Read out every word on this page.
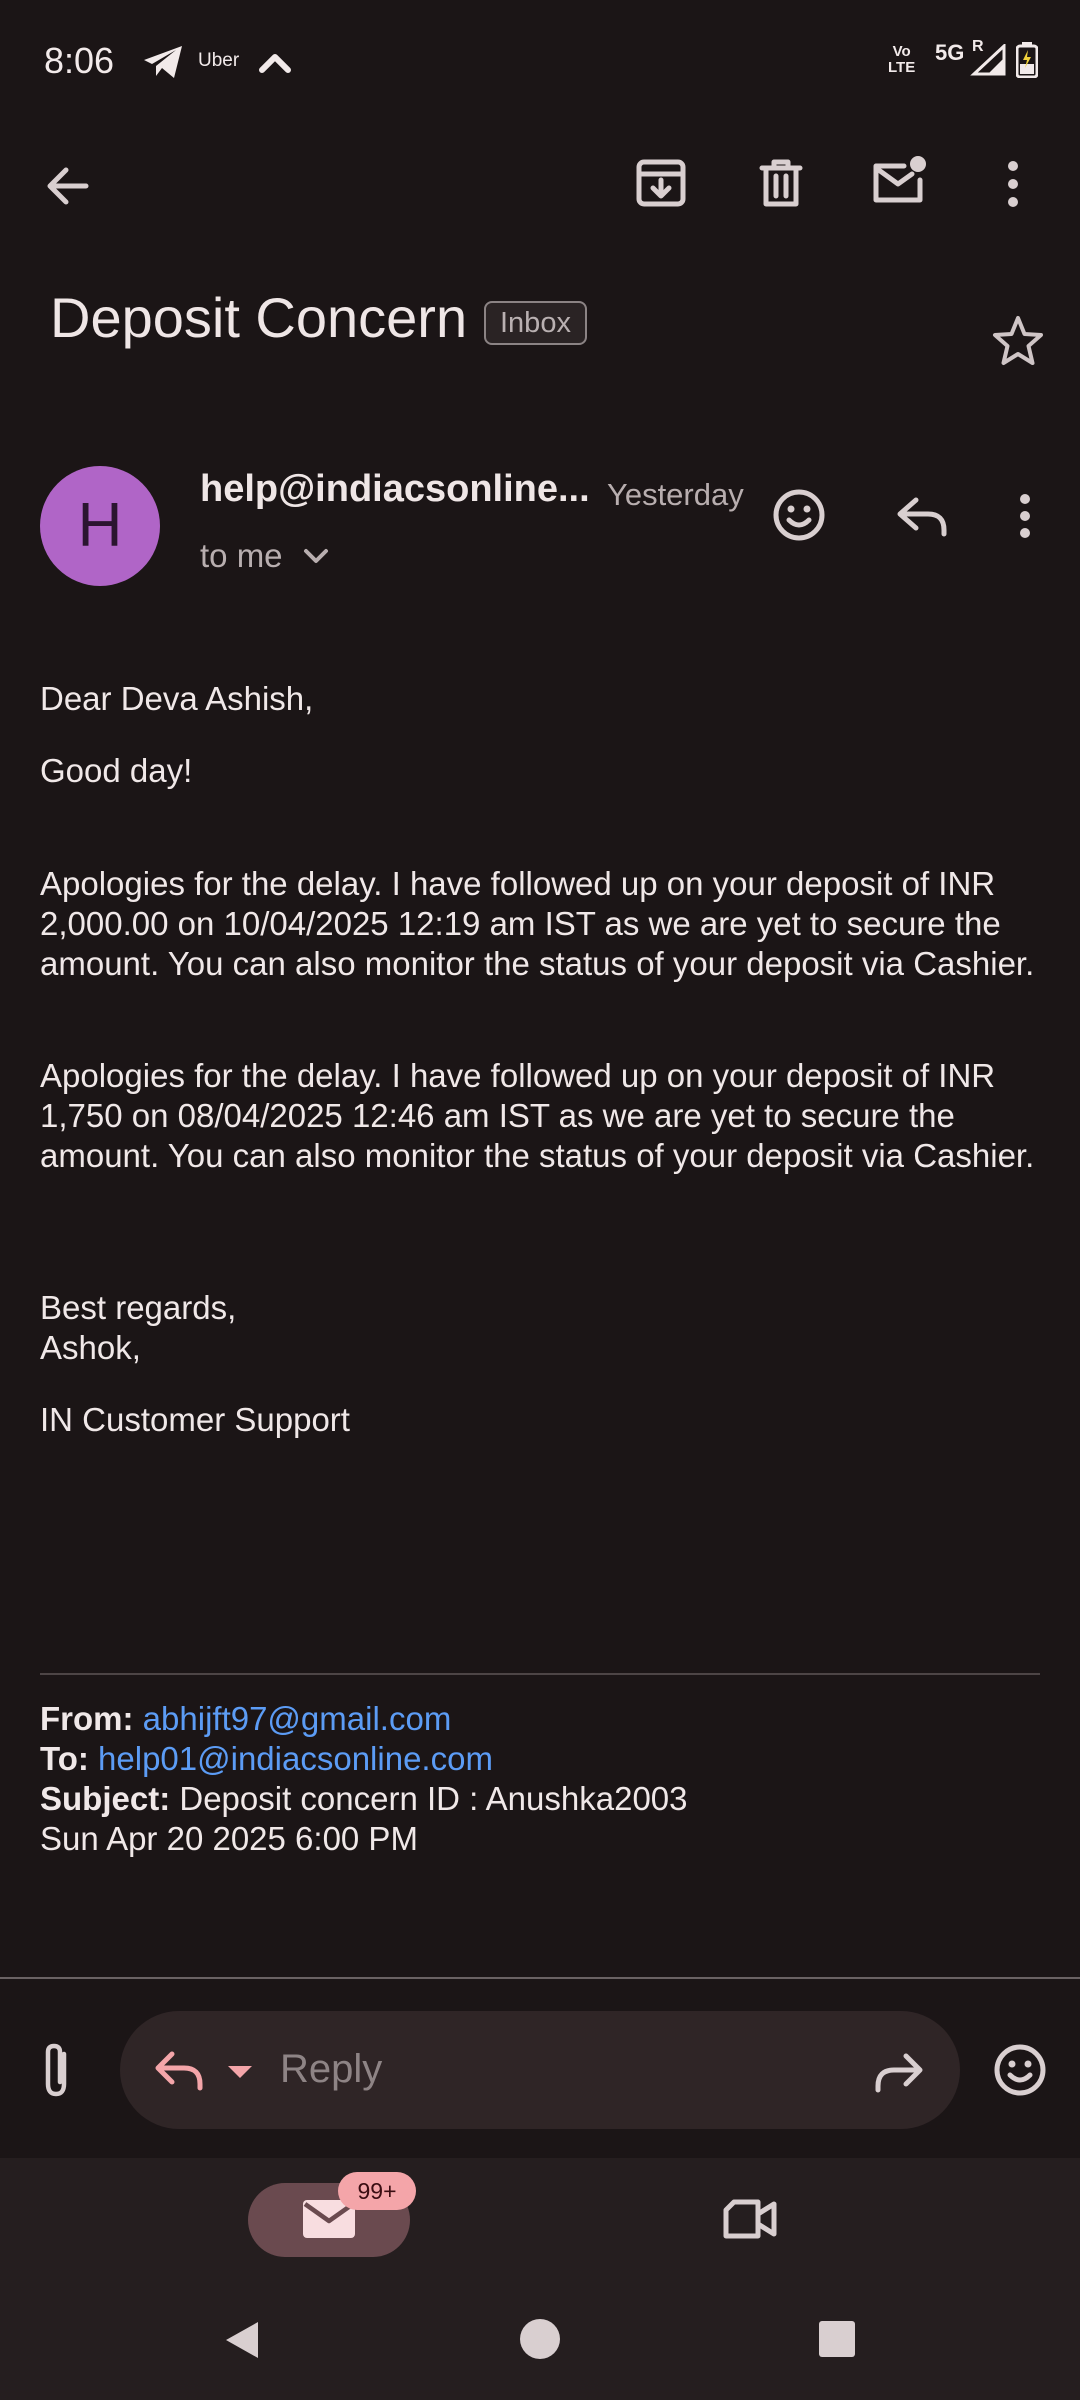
8:06	Uber	Vo
LTE
5G R
Deposit Concern	Inbox
H
help@indiacsonline... Yesterday
to me
Dear Deva Ashish,
Good day!
Apologies for the delay. I have followed up on your deposit of INR 2,000.00 on 10/04/2025 12:19 am IST as we are yet to secure the amount. You can also monitor the status of your deposit via Cashier.
Apologies for the delay. I have followed up on your deposit of INR 1,750 on 08/04/2025 12:46 am IST as we are yet to secure the amount. You can also monitor the status of your deposit via Cashier.
Best regards,
Ashok,
IN Customer Support
From: abhijft97@gmail.com
To: help01@indiacsonline.com
Subject: Deposit concern ID : Anushka2003
Sun Apr 20 2025 6:00 PM
Reply
99+
